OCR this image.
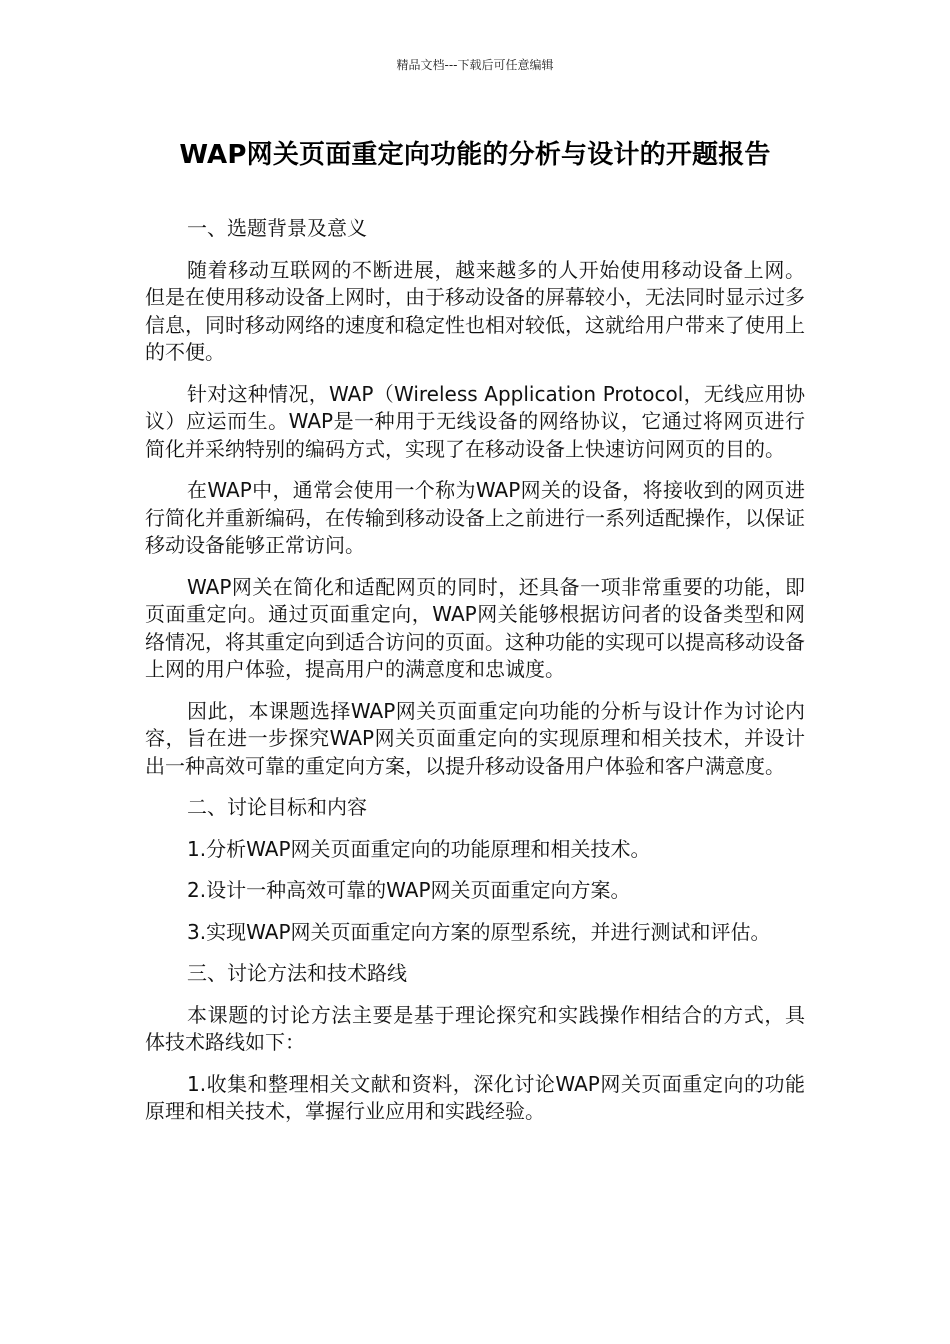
精品文档---下载后可任意编辑
WAP网关页面重定向功能的分析与设计的开题报告

一、选题背景及意义

随着移动互联网的不断进展，越来越多的人开始使用移动设备上网。但是在使用移动设备上网时，由于移动设备的屏幕较小，无法同时显示过多信息，同时移动网络的速度和稳定性也相对较低，这就给用户带来了使用上的不便。

针对这种情况，WAP（Wireless Application Protocol，无线应用协议）应运而生。WAP是一种用于无线设备的网络协议，它通过将网页进行简化并采纳特别的编码方式，实现了在移动设备上快速访问网页的目的。

在WAP中，通常会使用一个称为WAP网关的设备，将接收到的网页进行简化并重新编码，在传输到移动设备上之前进行一系列适配操作，以保证移动设备能够正常访问。

WAP网关在简化和适配网页的同时，还具备一项非常重要的功能，即页面重定向。通过页面重定向，WAP网关能够根据访问者的设备类型和网络情况，将其重定向到适合访问的页面。这种功能的实现可以提高移动设备上网的用户体验，提高用户的满意度和忠诚度。

因此，本课题选择WAP网关页面重定向功能的分析与设计作为讨论内容，旨在进一步探究WAP网关页面重定向的实现原理和相关技术，并设计出一种高效可靠的重定向方案，以提升移动设备用户体验和客户满意度。

二、讨论目标和内容

1.分析WAP网关页面重定向的功能原理和相关技术。

2.设计一种高效可靠的WAP网关页面重定向方案。

3.实现WAP网关页面重定向方案的原型系统，并进行测试和评估。

三、讨论方法和技术路线

本课题的讨论方法主要是基于理论探究和实践操作相结合的方式，具体技术路线如下：

1.收集和整理相关文献和资料，深化讨论WAP网关页面重定向的功能原理和相关技术，掌握行业应用和实践经验。
